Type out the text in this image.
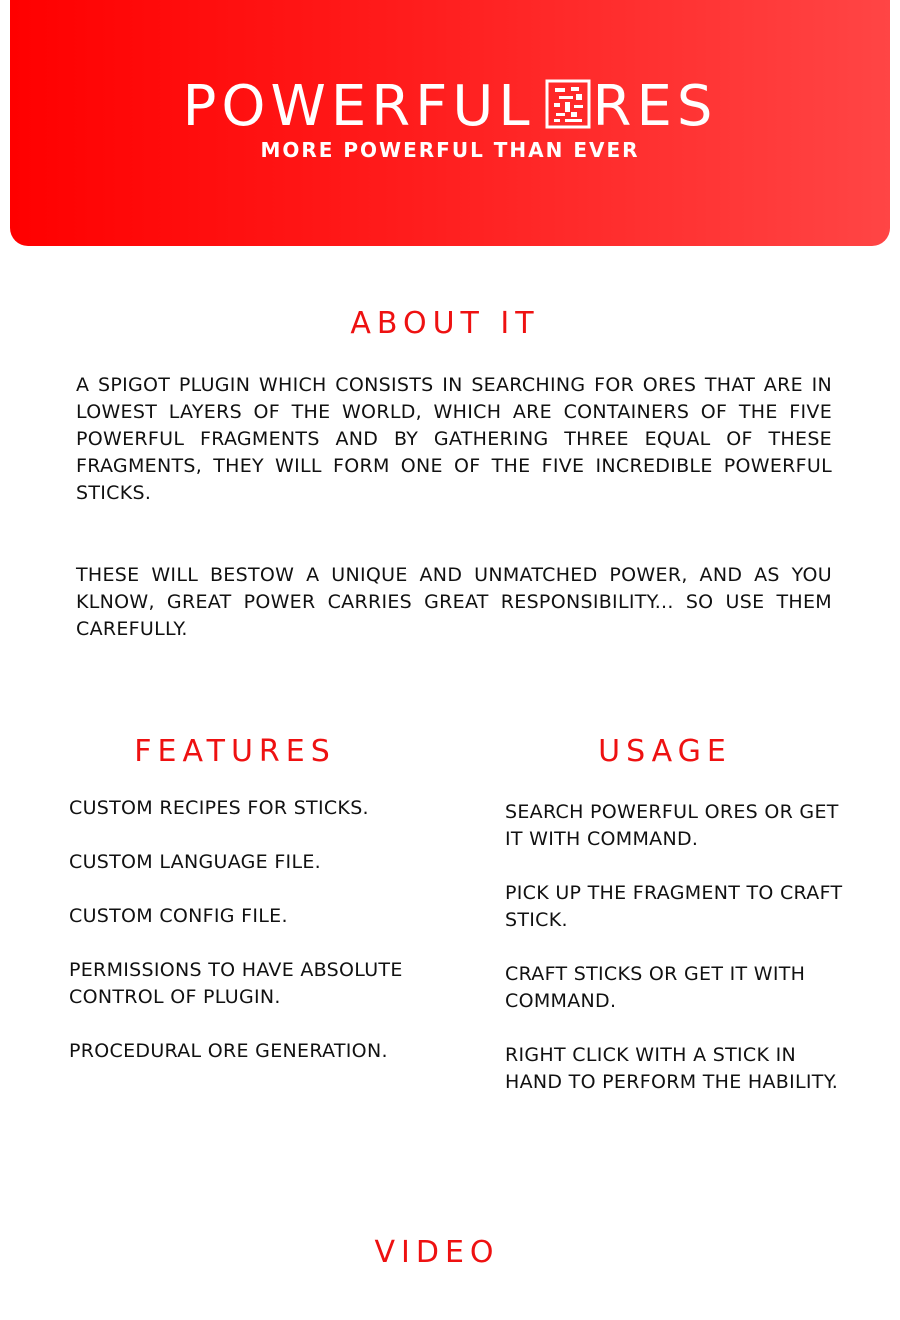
POWERFUL RES
MORE POWERFUL THAN EVER
ABOUT IT

A SPIGOT PLUGIN WHICH CONSISTS IN SEARCHING FOR ORES THAT ARE IN LOWEST LAYERS OF THE WORLD, WHICH ARE CONTAINERS OF THE FIVE POWERFUL FRAGMENTS AND BY GATHERING THREE EQUAL OF THESE FRAGMENTS, THEY WILL FORM ONE OF THE FIVE INCREDIBLE POWERFUL STICKS.

THESE WILL BESTOW A UNIQUE AND UNMATCHED POWER, AND AS YOU KLNOW, GREAT POWER CARRIES GREAT RESPONSIBILITY... SO USE THEM CAREFULLY.

FEATURES
CUSTOM RECIPES FOR STICKS.
CUSTOM LANGUAGE FILE.
CUSTOM CONFIG FILE.
PERMISSIONS TO HAVE ABSOLUTE CONTROL OF PLUGIN.
PROCEDURAL ORE GENERATION.
USAGE
SEARCH POWERFUL ORES OR GET IT WITH COMMAND.
PICK UP THE FRAGMENT TO CRAFT STICK.
CRAFT STICKS OR GET IT WITH COMMAND.
RIGHT CLICK WITH A STICK IN HAND TO PERFORM THE HABILITY.
VIDEO
